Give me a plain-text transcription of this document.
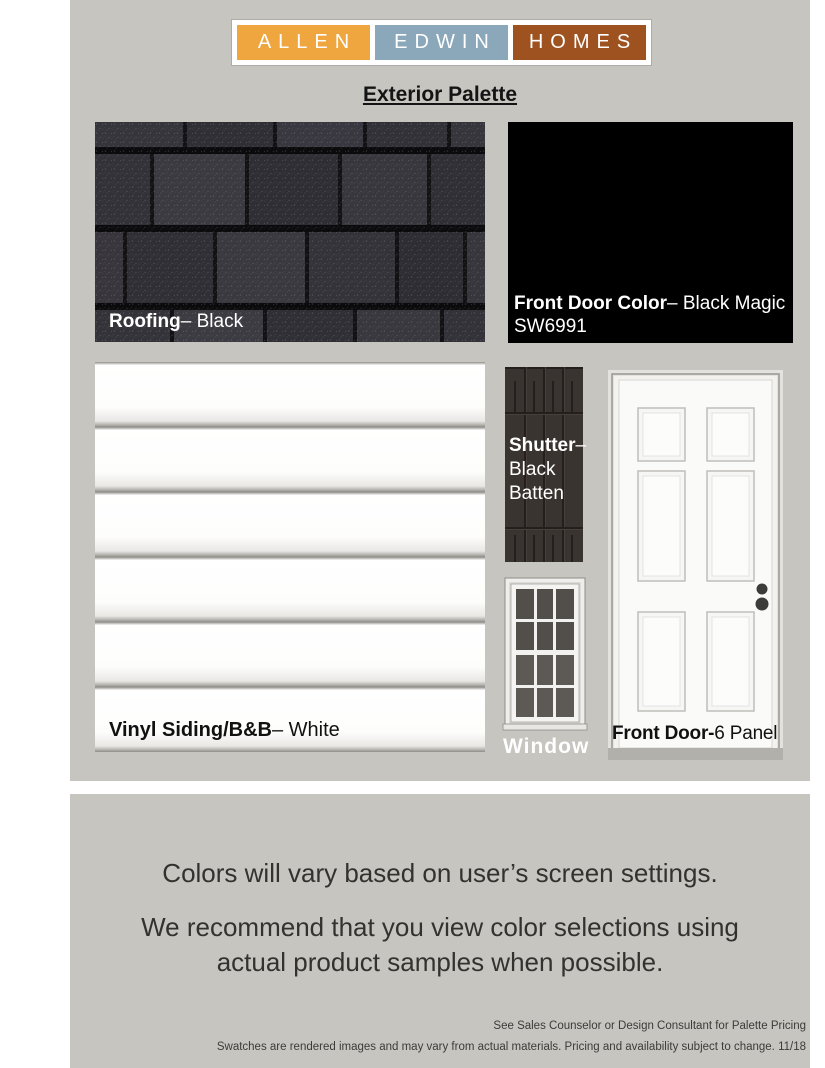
ALLEN	EDWIN	HOMES
Exterior Palette
Roofing– Black
Front Door Color– Black Magic
SW6991
Vinyl Siding/B&B– White
Shutter–
Black
Batten
Window
Front Door-6 Panel
Colors will vary based on user’s screen settings.
We recommend that you view color selections using
actual product samples when possible.
See Sales Counselor or Design Consultant for Palette Pricing
Swatches are rendered images and may vary from actual materials. Pricing and availability subject to change. 11/18
